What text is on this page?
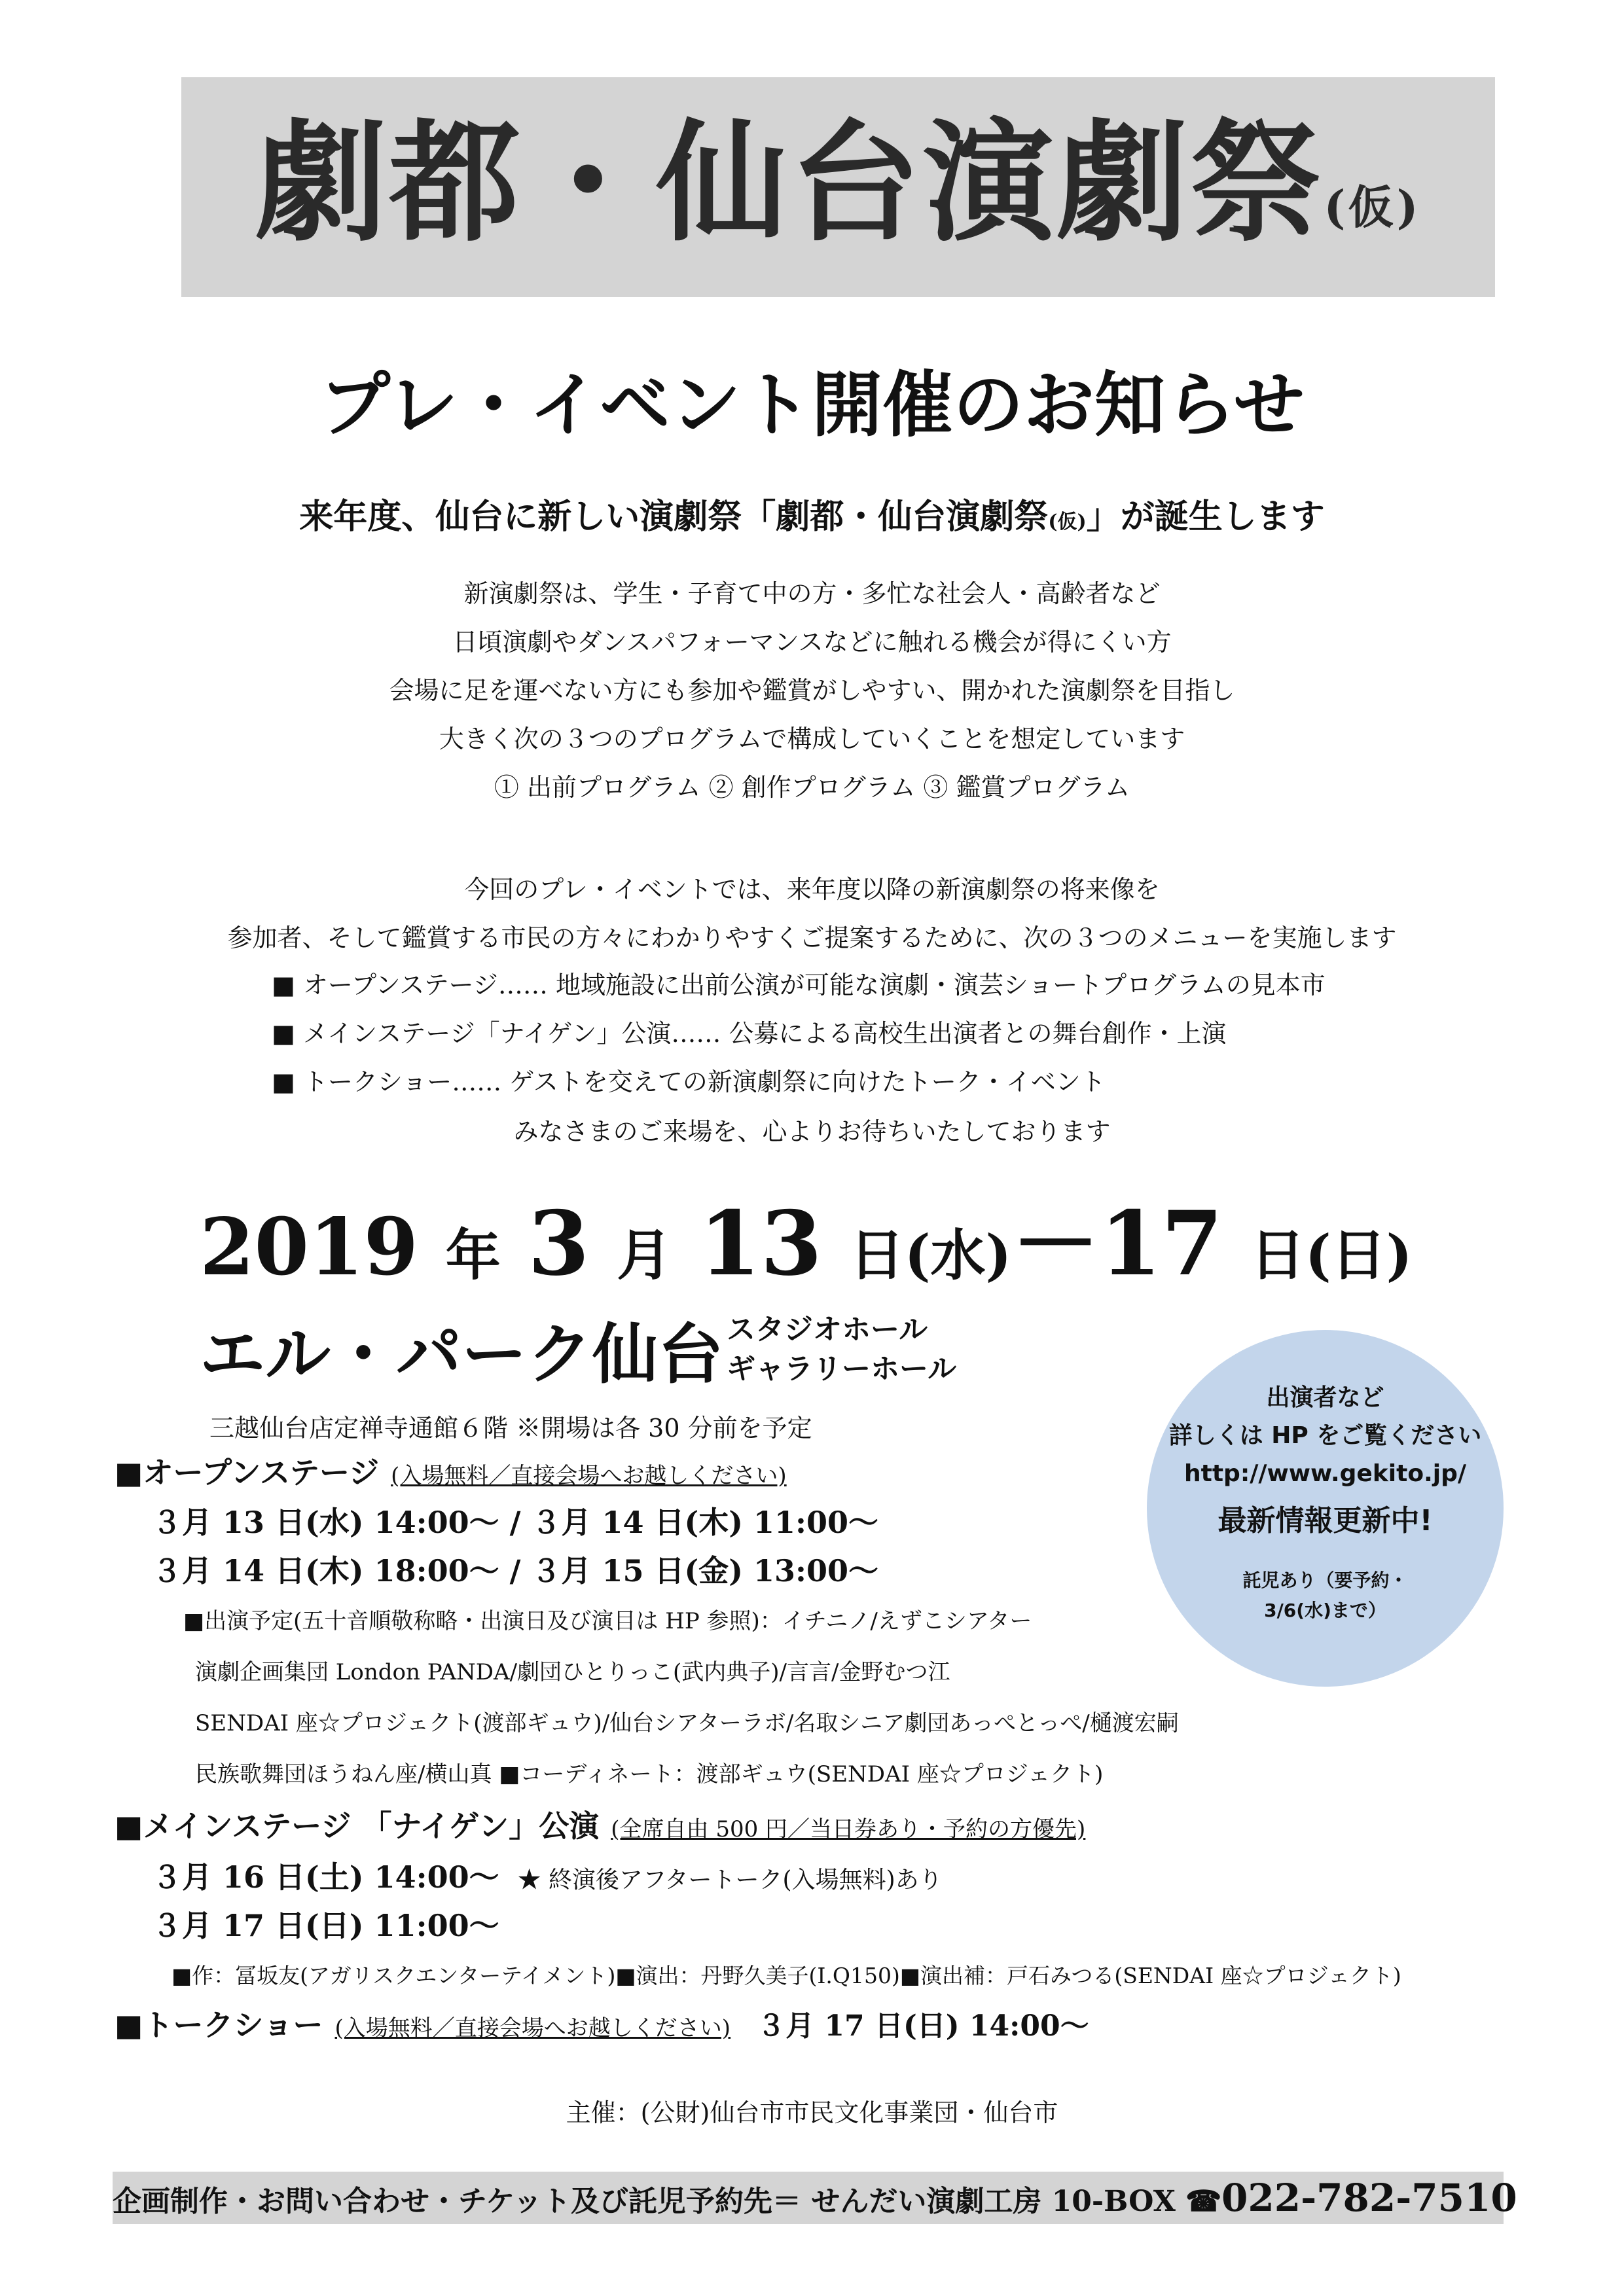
劇都・仙台演劇祭(仮)
プレ・イベント開催のお知らせ
来年度、仙台に新しい演劇祭「劇都・仙台演劇祭(仮)」が誕生します
新演劇祭は、学生・子育て中の方・多忙な社会人・高齢者など
日頃演劇やダンスパフォーマンスなどに触れる機会が得にくい方
会場に足を運べない方にも参加や鑑賞がしやすい、開かれた演劇祭を目指し
大きく次の３つのプログラムで構成していくことを想定しています
① 出前プログラム ② 創作プログラム ③ 鑑賞プログラム
今回のプレ・イベントでは、来年度以降の新演劇祭の将来像を
参加者、そして鑑賞する市民の方々にわかりやすくご提案するために、次の３つのメニューを実施します
■ オープンステージ…… 地域施設に出前公演が可能な演劇・演芸ショートプログラムの見本市
■ メインステージ「ナイゲン」公演…… 公募による高校生出演者との舞台創作・上演
■ トークショー…… ゲストを交えての新演劇祭に向けたトーク・イベント
みなさまのご来場を、心よりお待ちいたしております
2019 年 3 月 13 日(水)－17 日(日)
エル・パーク仙台 スタジオホール
ギャラリーホール
三越仙台店定禅寺通館６階 ※開場は各 30 分前を予定
出演者など
詳しくは HP をご覧ください
http://www.gekito.jp/
最新情報更新中!
託児あり（要予約・
3/6(水)まで）
■オープンステージ (入場無料／直接会場へお越しください)
３月 13 日(水) 14:00～ / ３月 14 日(木) 11:00～
３月 14 日(木) 18:00～ / ３月 15 日(金) 13:00～
■出演予定(五十音順敬称略・出演日及び演目は HP 参照)：イチニノ/えずこシアター
演劇企画集団 London PANDA/劇団ひとりっこ(武内典子)/言言/金野むつ江
SENDAI 座☆プロジェクト(渡部ギュウ)/仙台シアターラボ/名取シニア劇団あっぺとっぺ/樋渡宏嗣
民族歌舞団ほうねん座/横山真 ■コーディネート：渡部ギュウ(SENDAI 座☆プロジェクト)
■メインステージ 「ナイゲン」公演 (全席自由 500 円／当日券あり・予約の方優先)
３月 16 日(土) 14:00～ ★ 終演後アフタートーク(入場無料)あり
３月 17 日(日) 11:00～
■作：冨坂友(アガリスクエンターテイメント)■演出：丹野久美子(I.Q150)■演出補：戸石みつる(SENDAI 座☆プロジェクト)
■トークショー (入場無料／直接会場へお越しください) ３月 17 日(日) 14:00～
主催：(公財)仙台市市民文化事業団・仙台市
企画制作・お問い合わせ・チケット及び託児予約先＝ せんだい演劇工房 10-BOX ☎022-782-7510
